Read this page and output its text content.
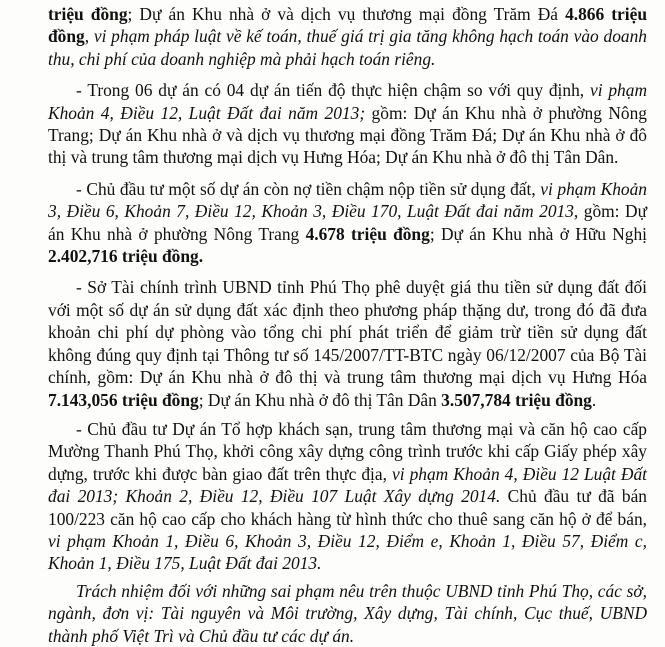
triệu đồng; Dự án Khu nhà ở và dịch vụ thương mại đồng Trăm Đá 4.866 triệu đồng, vi phạm pháp luật về kế toán, thuế giá trị gia tăng không hạch toán vào doanh thu, chi phí của doanh nghiệp mà phải hạch toán riêng.

- Trong 06 dự án có 04 dự án tiến độ thực hiện chậm so với quy định, vi phạm Khoản 4, Điều 12, Luật Đất đai năm 2013; gồm: Dự án Khu nhà ở phường Nông Trang; Dự án Khu nhà ở và dịch vụ thương mại đồng Trăm Đá; Dự án Khu nhà ở đô thị và trung tâm thương mại dịch vụ Hưng Hóa; Dự án Khu nhà ở đô thị Tân Dân.

- Chủ đầu tư một số dự án còn nợ tiền chậm nộp tiền sử dụng đất, vi phạm Khoản 3, Điều 6, Khoản 7, Điều 12, Khoản 3, Điều 170, Luật Đất đai năm 2013, gồm: Dự án Khu nhà ở phường Nông Trang 4.678 triệu đồng; Dự án Khu nhà ở Hữu Nghị 2.402,716 triệu đồng.

- Sở Tài chính trình UBND tỉnh Phú Thọ phê duyệt giá thu tiền sử dụng đất đối với một số dự án sử dụng đất xác định theo phương pháp thặng dư, trong đó đã đưa khoản chi phí dự phòng vào tổng chi phí phát triển để giảm trừ tiền sử dụng đất không đúng quy định tại Thông tư số 145/2007/TT-BTC ngày 06/12/2007 của Bộ Tài chính, gồm: Dự án Khu nhà ở đô thị và trung tâm thương mại dịch vụ Hưng Hóa 7.143,056 triệu đồng; Dự án Khu nhà ở đô thị Tân Dân 3.507,784 triệu đồng.

- Chủ đầu tư Dự án Tổ hợp khách sạn, trung tâm thương mại và căn hộ cao cấp Mường Thanh Phú Thọ, khởi công xây dựng công trình trước khi cấp Giấy phép xây dựng, trước khi được bàn giao đất trên thực địa, vi phạm Khoản 4, Điều 12 Luật Đất đai 2013; Khoản 2, Điều 12, Điều 107 Luật Xây dựng 2014. Chủ đầu tư đã bán 100/223 căn hộ cao cấp cho khách hàng từ hình thức cho thuê sang căn hộ ở để bán, vi phạm Khoản 1, Điều 6, Khoản 3, Điều 12, Điểm e, Khoản 1, Điều 57, Điểm c, Khoản 1, Điều 175, Luật Đất đai 2013.

Trách nhiệm đối với những sai phạm nêu trên thuộc UBND tỉnh Phú Thọ, các sở, ngành, đơn vị: Tài nguyên và Môi trường, Xây dựng, Tài chính, Cục thuế, UBND thành phố Việt Trì và Chủ đầu tư các dự án.
